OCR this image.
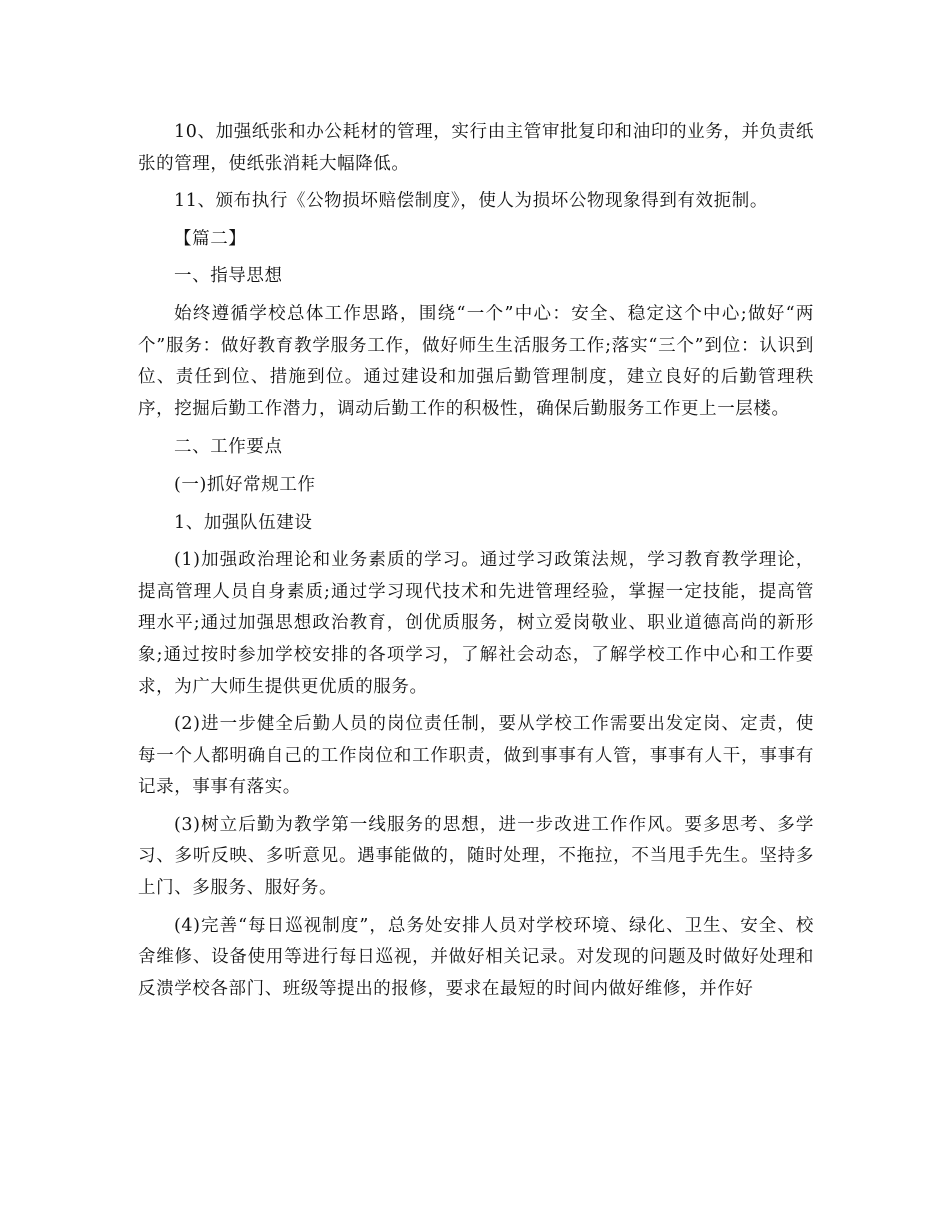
10、加强纸张和办公耗材的管理，实行由主管审批复印和油印的业务，并负责纸张的管理，使纸张消耗大幅降低。

11、颁布执行《公物损坏赔偿制度》，使人为损坏公物现象得到有效扼制。

【篇二】

一、指导思想

始终遵循学校总体工作思路，围绕“一个”中心：安全、稳定这个中心;做好“两个”服务：做好教育教学服务工作，做好师生生活服务工作;落实“三个”到位：认识到位、责任到位、措施到位。通过建设和加强后勤管理制度，建立良好的后勤管理秩序，挖掘后勤工作潜力，调动后勤工作的积极性，确保后勤服务工作更上一层楼。

二、工作要点

(一)抓好常规工作

1、加强队伍建设

(1)加强政治理论和业务素质的学习。通过学习政策法规，学习教育教学理论，提高管理人员自身素质;通过学习现代技术和先进管理经验，掌握一定技能，提高管理水平;通过加强思想政治教育，创优质服务，树立爱岗敬业、职业道德高尚的新形象;通过按时参加学校安排的各项学习，了解社会动态，了解学校工作中心和工作要求，为广大师生提供更优质的服务。

(2)进一步健全后勤人员的岗位责任制，要从学校工作需要出发定岗、定责，使每一个人都明确自己的工作岗位和工作职责，做到事事有人管，事事有人干，事事有记录，事事有落实。

(3)树立后勤为教学第一线服务的思想，进一步改进工作作风。要多思考、多学习、多听反映、多听意见。遇事能做的，随时处理，不拖拉，不当甩手先生。坚持多上门、多服务、服好务。

(4)完善“每日巡视制度”，总务处安排人员对学校环境、绿化、卫生、安全、校舍维修、设备使用等进行每日巡视，并做好相关记录。对发现的问题及时做好处理和反溃学校各部门、班级等提出的报修，要求在最短的时间内做好维修，并作好
